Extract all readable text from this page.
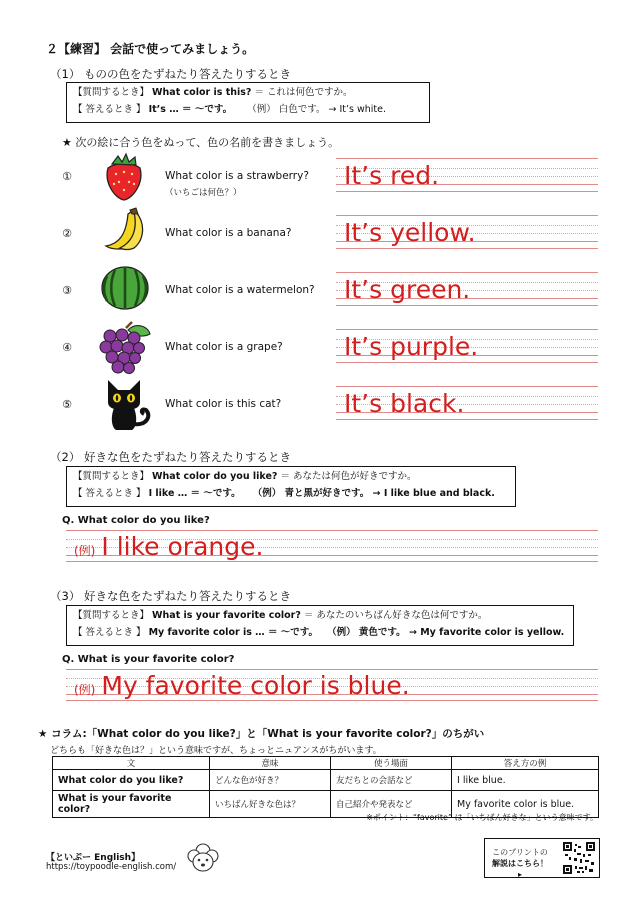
２【練習】 会話で使ってみましょう。
（1） ものの色をたずねたり答えたりするとき
【質問するとき】 What color is this? ＝ これは何色ですか。
【 答えるとき 】 It’s … ＝ ～です。 （例） 白色です。 → It’s white.
★ 次の絵に合う色をぬって、色の名前を書きましょう。
①	What color is a strawberry?
（いちごは何色？）
It’s red.
②	What color is a banana? It’s yellow.
③	What color is a watermelon? It’s green.
④	What color is a grape? It’s purple.
⑤	What color is this cat?	It’s black.
（2） 好きな色をたずねたり答えたりするとき
【質問するとき】 What color do you like? ＝ あなたは何色が好きですか。
【 答えるとき 】 I like … ＝ ～です。 （例） 青と黒が好きです。 → I like blue and black.
Q. What color do you like?
(例) I like orange.
（3） 好きな色をたずねたり答えたりするとき
【質問するとき】 What is your favorite color? ＝ あなたのいちばん好きな色は何ですか。
【 答えるとき 】 My favorite color is … ＝ ～です。 （例） 黄色です。 → My favorite color is yellow.
Q. What is your favorite color?
(例) My favorite color is blue.
★ コラム:「What color do you like?」と「What is your favorite color?」のちがい
どちらも「好きな色は？」という意味ですが、ちょっとニュアンスがちがいます。
文	意味	使う場面	答え方の例
What color do you like?	どんな色が好き？	友だちとの会話など	I like blue.
What is your favorite color?	いちばん好きな色は？	自己紹介や発表など	My favorite color is blue.
※ポイント：“favorite” は「いちばん好きな」という意味です。
【といぷー English】
https://toypoodle-english.com/
このプリントの
解説はこちら！▸
